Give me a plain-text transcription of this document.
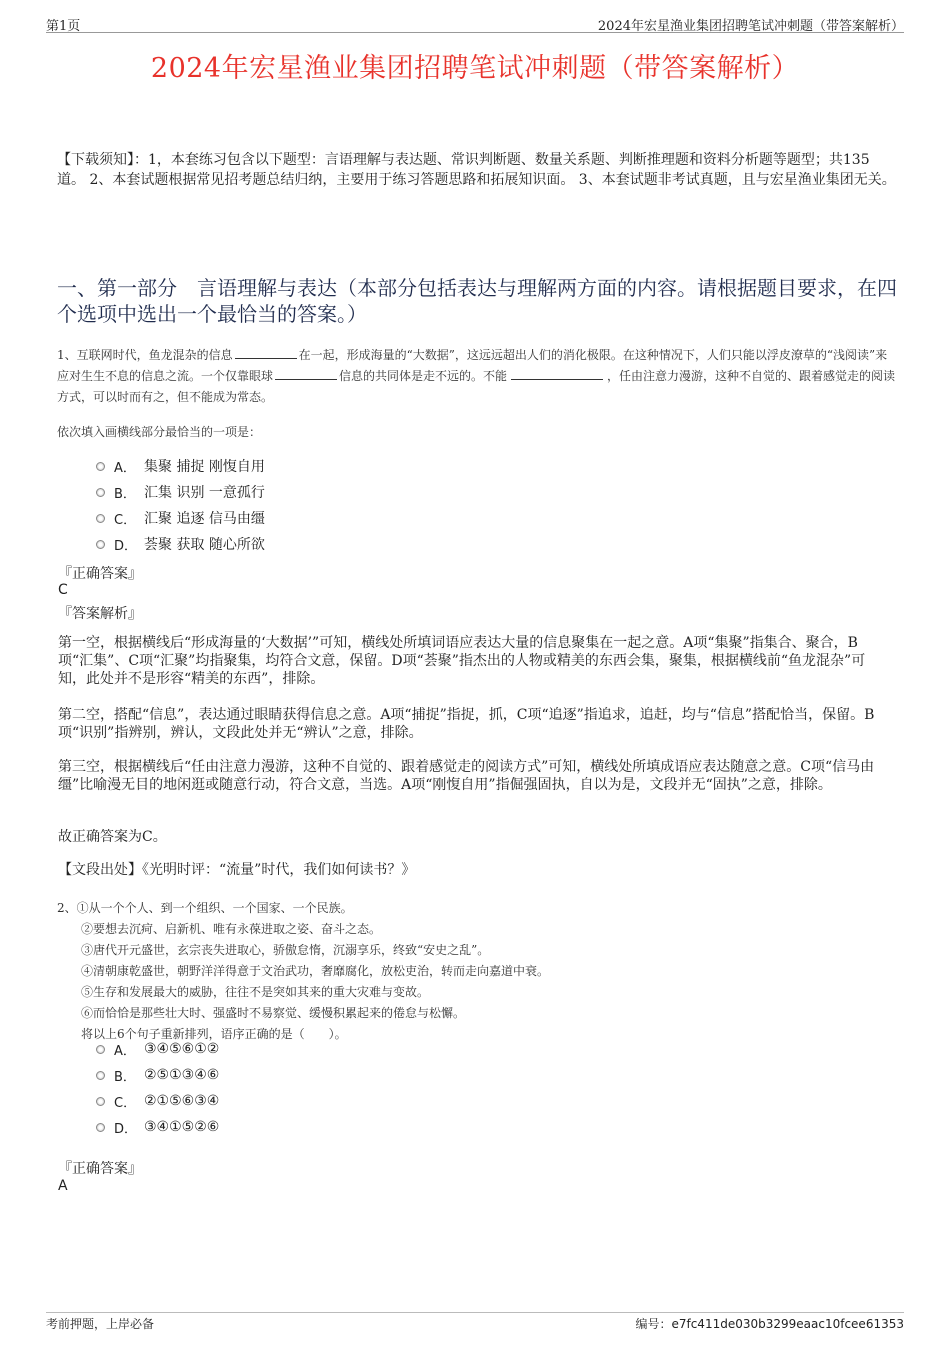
第1页	2024年宏星渔业集团招聘笔试冲刺题（带答案解析）
2024年宏星渔业集团招聘笔试冲刺题（带答案解析）
【下载须知】：1，本套练习包含以下题型：言语理解与表达题、常识判断题、数量关系题、判断推理题和资料分析题等题型；共135道。 2、本套试题根据常见招考题总结归纳，主要用于练习答题思路和拓展知识面。 3、本套试题非考试真题，且与宏星渔业集团无关。
一、第一部分　言语理解与表达（本部分包括表达与理解两方面的内容。请根据题目要求，在四个选项中选出一个最恰当的答案。）
1、互联网时代，鱼龙混杂的信息	在一起，形成海量的“大数据”，这远远超出人们的消化极限。在这种情况下，人们只能以浮皮潦草的“浅阅读”来应对生生不息的信息之流。一个仅靠眼球	信息的共同体是走不远的。不能	，任由注意力漫游，这种不自觉的、跟着感觉走的阅读方式，可以时而有之，但不能成为常态。
依次填入画横线部分最恰当的一项是：
A． 集聚 捕捉 刚愎自用
B． 汇集 识别 一意孤行
C． 汇聚 追逐 信马由缰
D． 荟聚 获取 随心所欲
『正确答案』
C
『答案解析』
第一空，根据横线后“形成海量的‘大数据’”可知，横线处所填词语应表达大量的信息聚集在一起之意。A项“集聚”指集合、聚合，B项“汇集”、C项“汇聚”均指聚集，均符合文意，保留。D项“荟聚”指杰出的人物或精美的东西会集，聚集，根据横线前“鱼龙混杂”可知，此处并不是形容“精美的东西”，排除。
第二空，搭配“信息”，表达通过眼睛获得信息之意。A项“捕捉”指捉，抓，C项“追逐”指追求，追赶，均与“信息”搭配恰当，保留。B项“识别”指辨别，辨认，文段此处并无“辨认”之意，排除。
第三空，根据横线后“任由注意力漫游，这种不自觉的、跟着感觉走的阅读方式”可知，横线处所填成语应表达随意之意。C项“信马由缰”比喻漫无目的地闲逛或随意行动，符合文意，当选。A项“刚愎自用”指倔强固执，自以为是，文段并无“固执”之意，排除。
故正确答案为C。
【文段出处】《光明时评：“流量”时代，我们如何读书？》
2、①从一个个人、到一个组织、一个国家、一个民族。
②要想去沉疴、启新机、唯有永葆进取之姿、奋斗之态。
③唐代开元盛世，玄宗丧失进取心，骄傲怠惰，沉溺享乐，终致“安史之乱”。
④清朝康乾盛世，朝野洋洋得意于文治武功，奢靡腐化，放松吏治，转而走向嘉道中衰。
⑤生存和发展最大的威胁，往往不是突如其来的重大灾难与变故。
⑥而恰恰是那些壮大时、强盛时不易察觉、缓慢积累起来的倦怠与松懈。
将以上6个句子重新排列，语序正确的是（　　）。
A． ③④⑤⑥①②
B． ②⑤①③④⑥
C． ②①⑤⑥③④
D． ③④①⑤②⑥
『正确答案』
A
考前押题，上岸必备	编号：e7fc411de030b3299eaac10fcee61353
